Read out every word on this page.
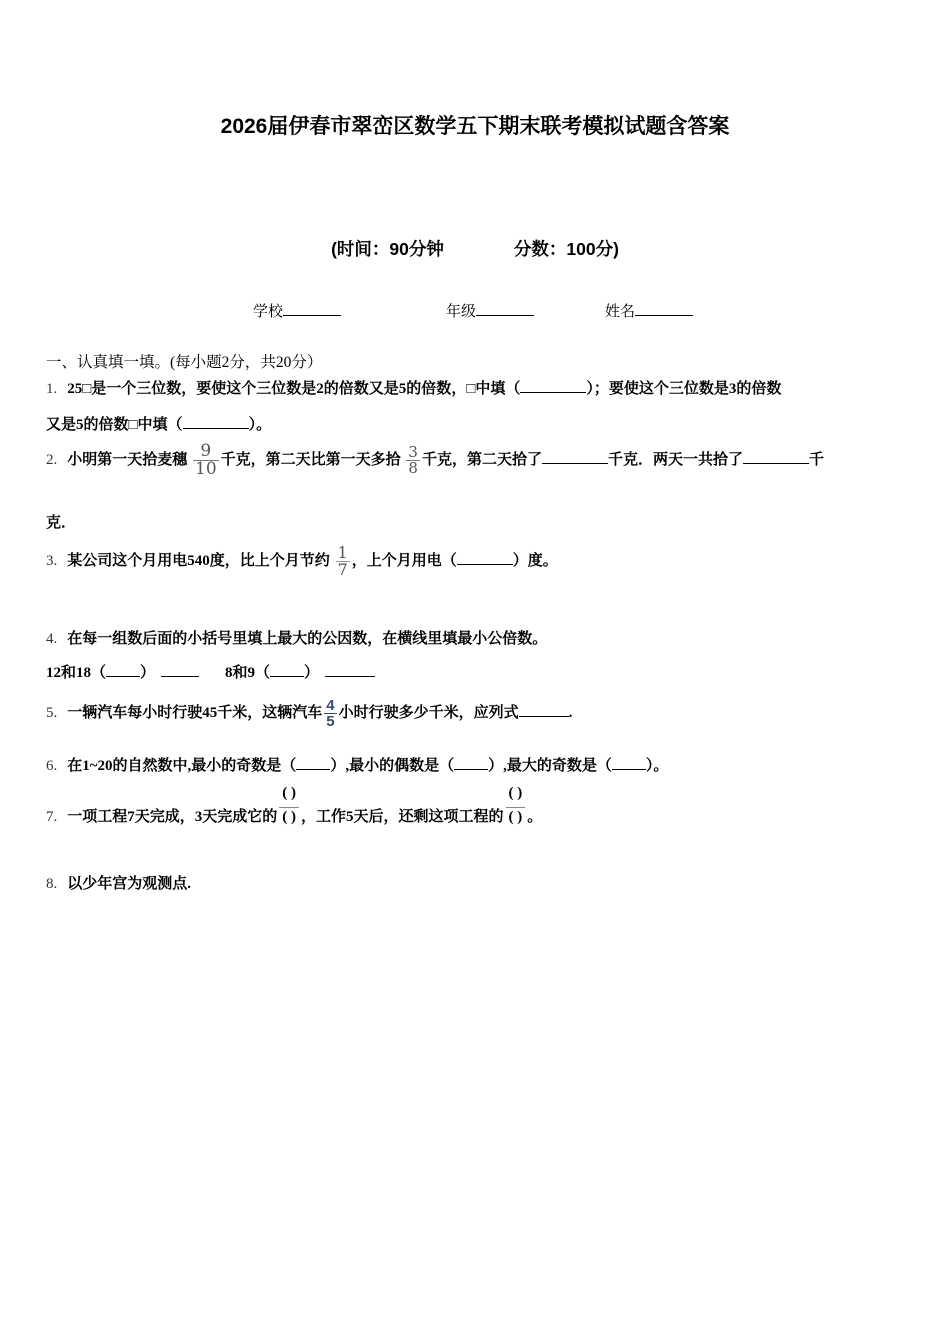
2026届伊春市翠峦区数学五下期末联考模拟试题含答案
(时间：90分钟	分数：100分)
学校	年级	姓名
一、认真填一填。(每小题2分，共20分）
1. 25□是一个三位数，要使这个三位数是2的倍数又是5的倍数，□中填（	）；要使这个三位数是3的倍数
又是5的倍数□中填（	）。
2. 小明第一天拾麦穗 $\frac{9}{10}$ 千克，第二天比第一天多拾 $\frac{3}{8}$ 千克，第二天拾了	千克．两天一共拾了	千
克．
3. 某公司这个月用电540度，比上个月节约 $\frac{1}{7}$ ，上个月用电（	）度。
4. 在每一组数后面的小括号里填上最大的公因数，在横线里填最小公倍数。
12和18（ ）	8和9（ ）
5. 一辆汽车每小时行驶45千米，这辆汽车 $\frac{4}{5}$ 小时行驶多少千米，应列式	.
6. 在1~20的自然数中,最小的奇数是（ ）,最小的偶数是（ ）,最大的奇数是（ ）。
7. 一项工程7天完成，3天完成它的 $\frac{( )}{( )}$ ，工作5天后，还剩这项工程的 $\frac{( )}{( )}$ 。
8. 以少年宫为观测点.
